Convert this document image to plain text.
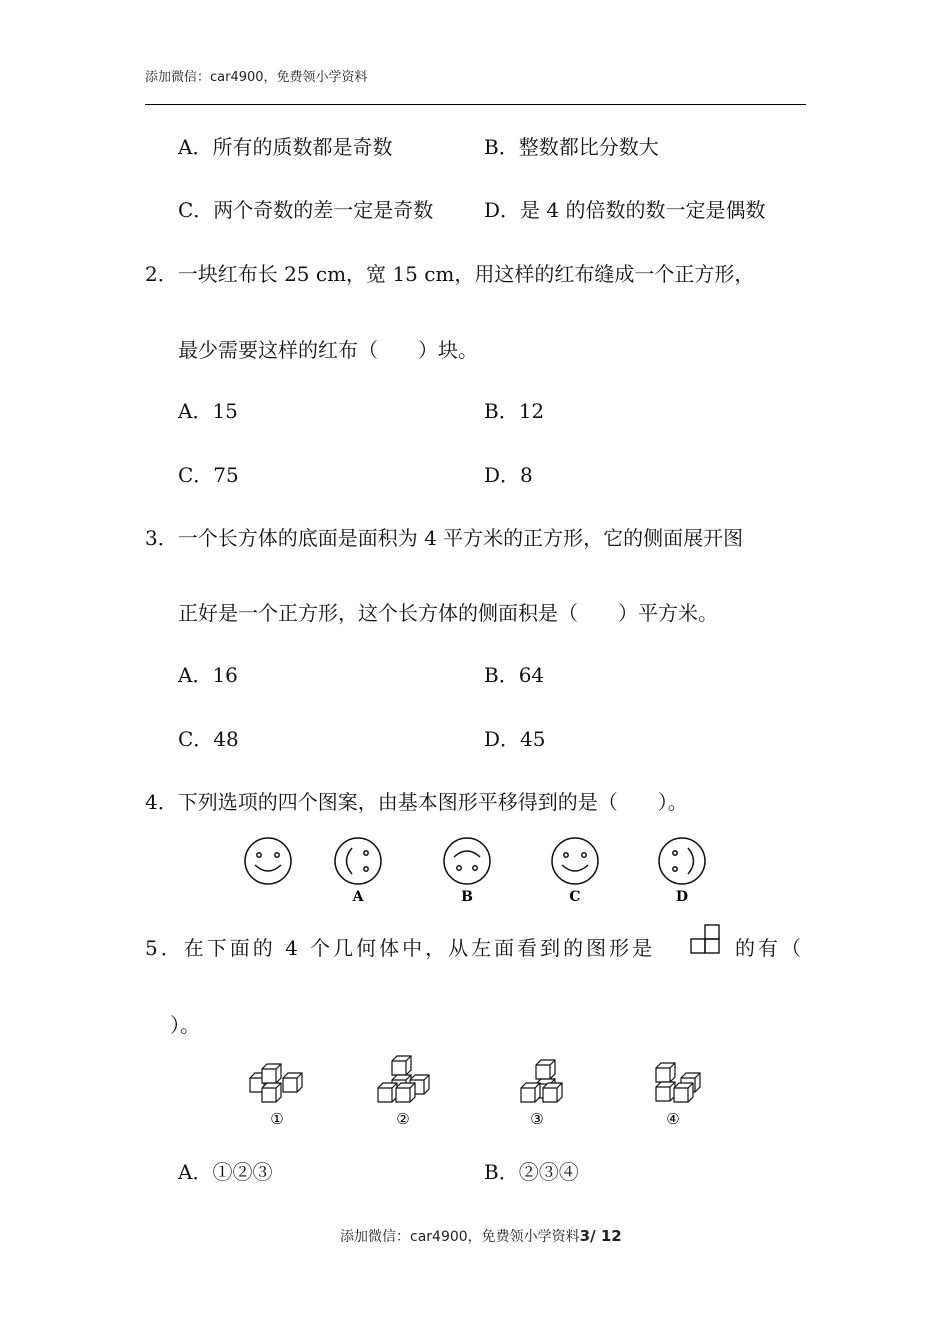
添加微信：car4900，免费领小学资料
A．所有的质数都是奇数	B．整数都比分数大
C．两个奇数的差一定是奇数	D．是 4 的倍数的数一定是偶数
2．一块红布长 25 cm，宽 15 cm，用这样的红布缝成一个正方形，
最少需要这样的红布（　　）块。
A．15	B．12
C．75	D．8
3．一个长方体的底面是面积为 4 平方米的正方形，它的侧面展开图
正好是一个正方形，这个长方体的侧面积是（　　）平方米。
A．16	B．64
C．48	D．45
4．下列选项的四个图案，由基本图形平移得到的是（　　）。
A	B	C	D
5．在下面的 4 个几何体中，从左面看到的图形是	的有（
）。
①	②	③	④
A．①②③	B．②③④
添加微信：car4900，免费领小学资料3/ 12
